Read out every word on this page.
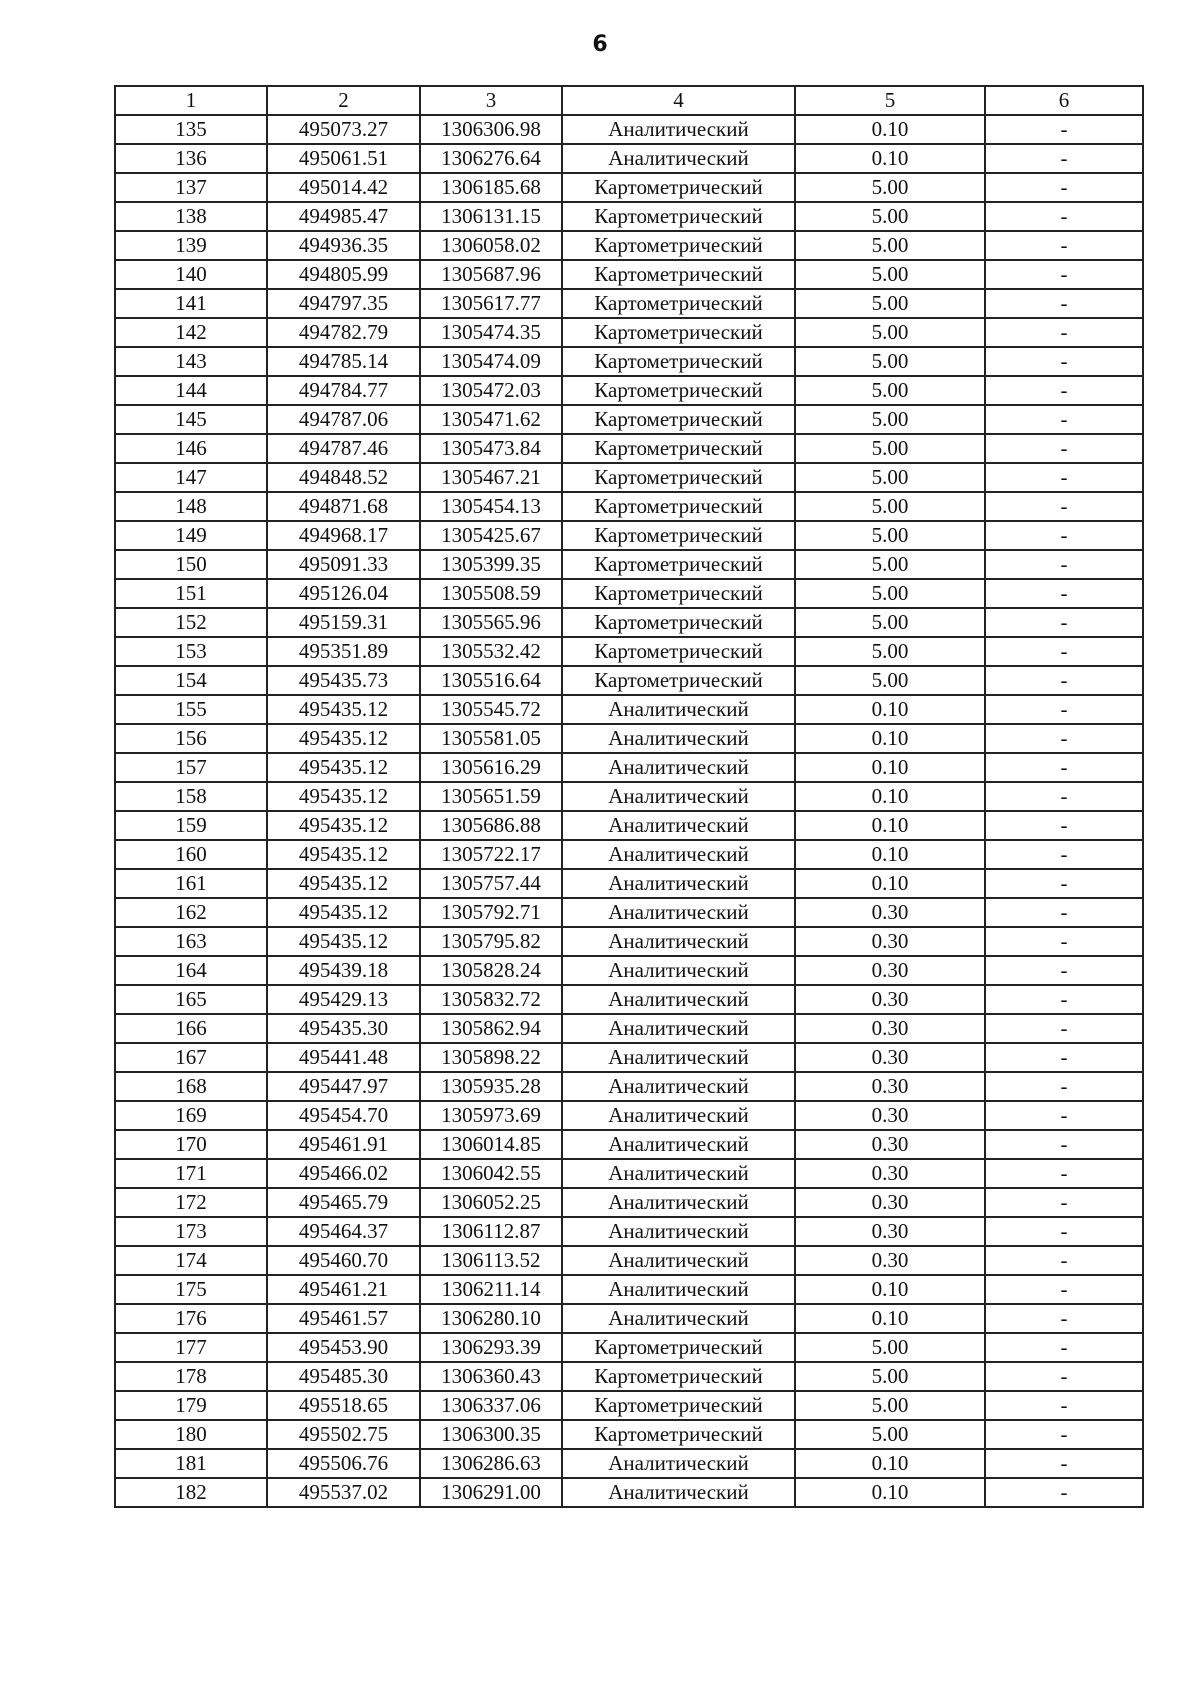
6
1	2	3	4	5	6
135	495073.27	1306306.98	Аналитический	0.10	-
136	495061.51	1306276.64	Аналитический	0.10	-
137	495014.42	1306185.68	Картометрический	5.00	-
138	494985.47	1306131.15	Картометрический	5.00	-
139	494936.35	1306058.02	Картометрический	5.00	-
140	494805.99	1305687.96	Картометрический	5.00	-
141	494797.35	1305617.77	Картометрический	5.00	-
142	494782.79	1305474.35	Картометрический	5.00	-
143	494785.14	1305474.09	Картометрический	5.00	-
144	494784.77	1305472.03	Картометрический	5.00	-
145	494787.06	1305471.62	Картометрический	5.00	-
146	494787.46	1305473.84	Картометрический	5.00	-
147	494848.52	1305467.21	Картометрический	5.00	-
148	494871.68	1305454.13	Картометрический	5.00	-
149	494968.17	1305425.67	Картометрический	5.00	-
150	495091.33	1305399.35	Картометрический	5.00	-
151	495126.04	1305508.59	Картометрический	5.00	-
152	495159.31	1305565.96	Картометрический	5.00	-
153	495351.89	1305532.42	Картометрический	5.00	-
154	495435.73	1305516.64	Картометрический	5.00	-
155	495435.12	1305545.72	Аналитический	0.10	-
156	495435.12	1305581.05	Аналитический	0.10	-
157	495435.12	1305616.29	Аналитический	0.10	-
158	495435.12	1305651.59	Аналитический	0.10	-
159	495435.12	1305686.88	Аналитический	0.10	-
160	495435.12	1305722.17	Аналитический	0.10	-
161	495435.12	1305757.44	Аналитический	0.10	-
162	495435.12	1305792.71	Аналитический	0.30	-
163	495435.12	1305795.82	Аналитический	0.30	-
164	495439.18	1305828.24	Аналитический	0.30	-
165	495429.13	1305832.72	Аналитический	0.30	-
166	495435.30	1305862.94	Аналитический	0.30	-
167	495441.48	1305898.22	Аналитический	0.30	-
168	495447.97	1305935.28	Аналитический	0.30	-
169	495454.70	1305973.69	Аналитический	0.30	-
170	495461.91	1306014.85	Аналитический	0.30	-
171	495466.02	1306042.55	Аналитический	0.30	-
172	495465.79	1306052.25	Аналитический	0.30	-
173	495464.37	1306112.87	Аналитический	0.30	-
174	495460.70	1306113.52	Аналитический	0.30	-
175	495461.21	1306211.14	Аналитический	0.10	-
176	495461.57	1306280.10	Аналитический	0.10	-
177	495453.90	1306293.39	Картометрический	5.00	-
178	495485.30	1306360.43	Картометрический	5.00	-
179	495518.65	1306337.06	Картометрический	5.00	-
180	495502.75	1306300.35	Картометрический	5.00	-
181	495506.76	1306286.63	Аналитический	0.10	-
182	495537.02	1306291.00	Аналитический	0.10	-
